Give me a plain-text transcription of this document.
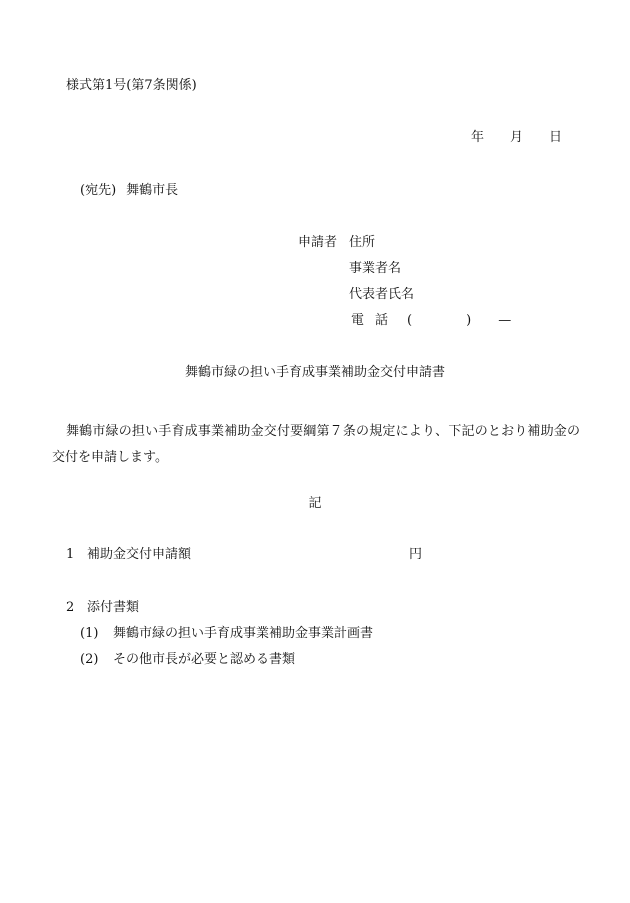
様式第1号(第7条関係)
年 月 日
(宛先) 舞鶴市長
申請者 住所
事業者名
代表者氏名
電 話 (	) —
舞鶴市緑の担い手育成事業補助金交付申請書
舞鶴市緑の担い手育成事業補助金交付要綱第７条の規定により、下記のとおり補助金の交付を申請します。
記
1 補助金交付申請額	円
2 添付書類
(1) 舞鶴市緑の担い手育成事業補助金事業計画書
(2) その他市長が必要と認める書類
